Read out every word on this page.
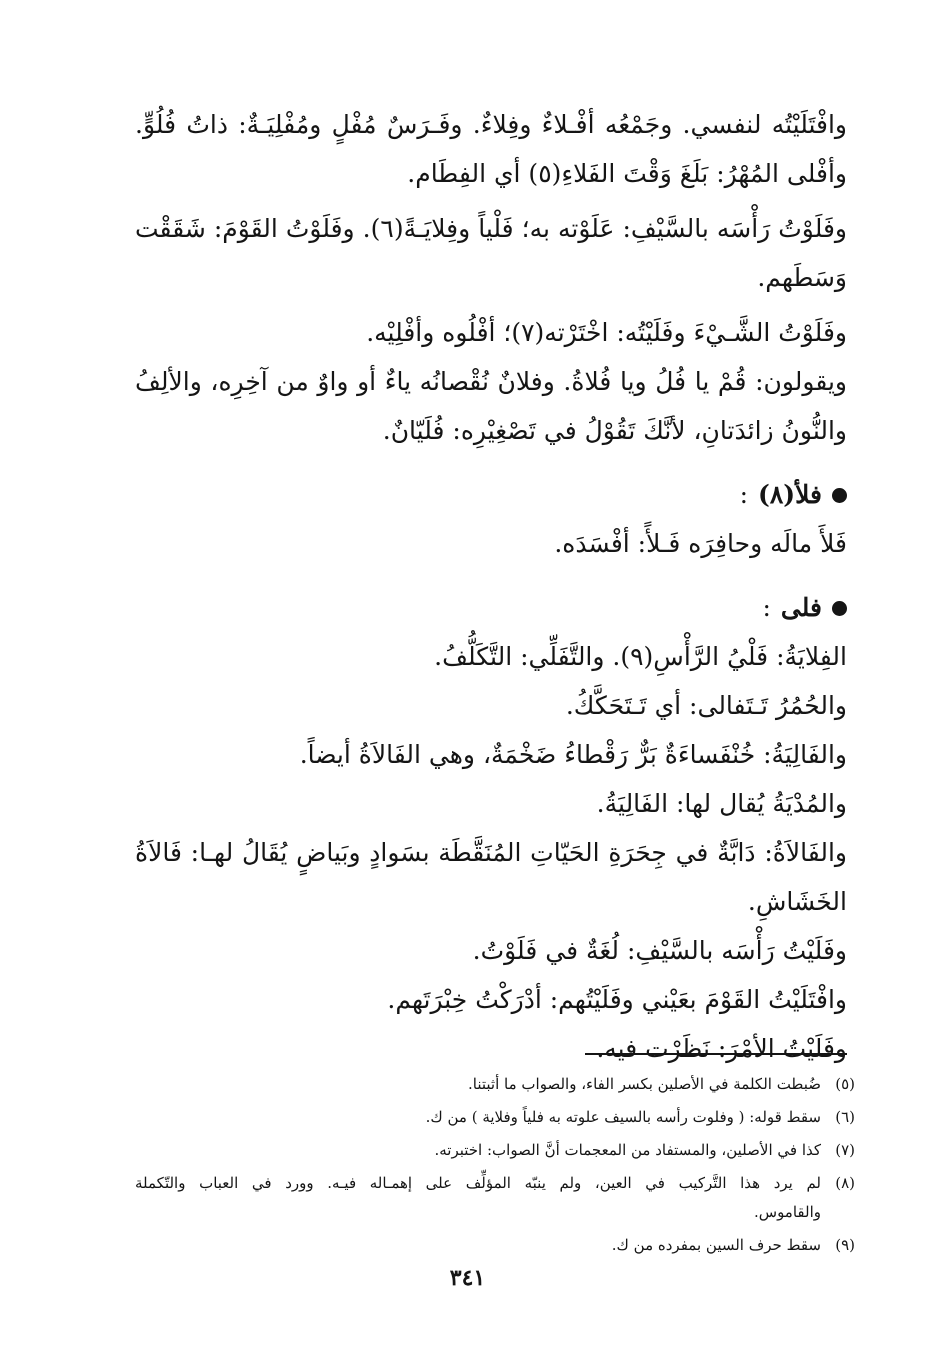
وافْتَلَيْتُه لنفسي. وجَمْعُه أفْـلاءٌ وفِلاءٌ. وفَـرَسٌ مُفْلٍ ومُفْلِيَـةٌ: ذاتُ فُلُوٍّ.
وأفْلى المُهْرُ: بَلَغَ وَقْتَ الفَلاءِ(٥) أي الفِطَام.
وفَلَوْتُ رَأْسَه بالسَّيْفِ: عَلَوْته به؛ فَلْياً وفِلايَـةً(٦). وفَلَوْتُ القَوْمَ: شَقَقْت
وَسَطَهم.
وفَلَوْتُ الشَّـيْءَ وفَلَيْتُه: اخْتَرْته(٧)؛ أفْلُوه وأفْلِيْه.
ويقولون: قُمْ يا فُلُ ويا فُلاةُ. وفلانٌ نُقْصانُه ياءٌ أو واوٌ من آخِرِه، والألِفُ
والنُّونُ زائدَتانِ، لأنَّكَ تَقُوْلُ في تَصْغِيْرِه: فُلَيّانٌ.
فلأ(٨)
:
فَلأَ مالَه وحافِرَه فَـلأً: أفْسَدَه.
فلى
:
الفِلايَةُ: فَلْيُ الرَّأْسِ(٩). والتَّفَلِّي: التَّكَلُّفُ.
والحُمُرُ تَـتَفالى: أي تَـتَحَكَّكُ.
والفَالِيَةُ: خُنْفَساءَةٌ بَرٌّ رَقْطاءُ ضَخْمَةٌ، وهي الفَالاَةُ أيضاً.
والمُدْيَةُ يُقال لها: الفَالِيَةُ.
والفَالاَةُ: دَابَّةٌ في جِحَرَةِ الحَيّاتِ المُنَقَّطَة بسَوادٍ وبَياضٍ يُقَالُ لهـا: فَالاَةُ
الخَشَاشِ.
وفَلَيْتُ رَأْسَه بالسَّيْفِ: لُغَةٌ في فَلَوْتُ.
وافْتَلَيْتُ القَوْمَ بعَيْني وفَلَيْتُهم: أدْرَكْتُ خِبْرَتَهم.
وفَلَيْتُ الأمْرَ: نَظَرْت فيه.
(٥)
ضُبطت الكلمة في الأصلين بكسر الفاء، والصواب ما أثبتنا.
(٦)
سقط قوله: ( وفلوت رأسه بالسيف علوته به فلياً وفلاية ) من ك.
(٧)
كذا في الأصلين، والمستفاد من المعجمات أنَّ الصواب: اختبرته.
(٨)
لم يرد هذا التَّركيب في العين، ولم ينبّه المؤلِّف على إهمـاله فيـه. وورد في العباب والتّكملة
والقاموس.
(٩)
سقط حرف السين بمفرده من ك.
٣٤١
